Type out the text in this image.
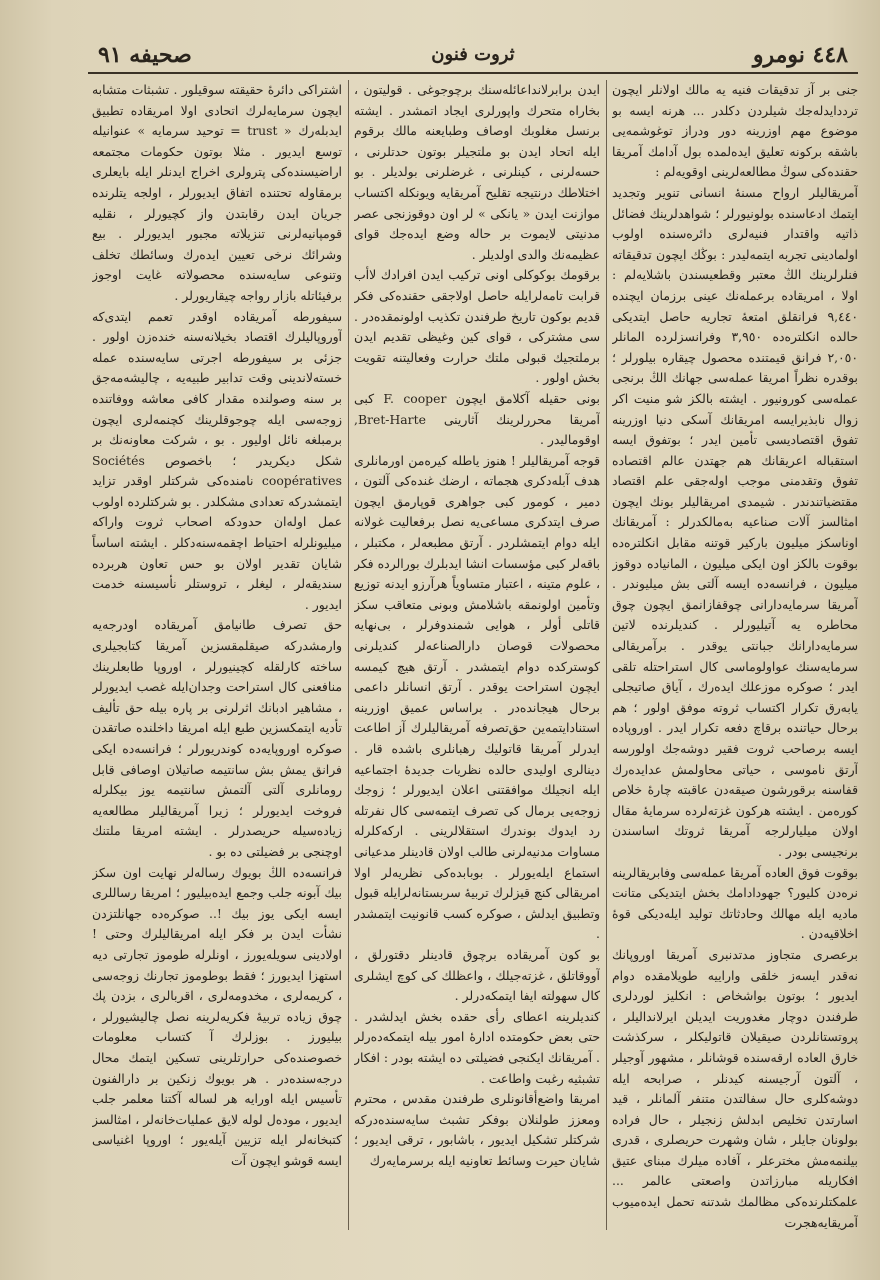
٤٤٨ نومرو
ثروت فنون
صحيفه ٩١

جنى بر آز تدقيقات فنيه يه مالك اولانلر ايچون ترددايدلەجك شيلردن دكلدر ... هرنه ايسه بو موضوع مهم اوزرينه دور ودراز توغوشمەيى باشقه بركونه تعليق ايدەلمدە بول آدامك آمريقا حقندەكى سوڭ مطالعەلرينى اوقويەلم :

آمريقاليلر ارواح مسنهٔ انسانى تنوير وتجديد ايتمك ادعاسنده بولونيورلر ؛ شواهدلرينك فضائل ذاتيه واقتدار فنيەلرى دائرەسنده اولوب اولمادينى تجربه ايتمەليدر : بوڭك ايچون تدقيقاته فنلرلرينك الڭ معتبر وقطعيسندن باشلايەلم : اولا ، امريقاده برعملەنك عينى برزمان ايچنده ٩,٤٤٠ فرانقلق امتعهٔ تجاريه حاصل ايتديكى حالده انكلترەده ٣,٩٥٠ وفرانسزلرده المانلر ٢,٠٥٠ فرانق قيمتنده محصول چيقاره بيلورلر ؛ بوقدره نظراً امريقا عملەسى جهانك الڭ برنجى عملەسى كورونيور . ايشته بالكز شو منيت اكر زوال نابذيرايسه امريقانك آسكى دنيا اوزرينه تفوق اقتصاديسى تأمين ايدر ؛ بوتفوق ايسه استقباله اعريقانك هم جهتدن عالم اقتصاده تفوق وتقدمنى موجب اولەجقى علم اقتصاد مقتضياتندندر . شيمدى امريقاليلر بونك ايچون امثالسز آلات صناعيه بەمالكدرلر : آمريقانك اوناسكز ميليون باركير قوتنه مقابل انكلترەده بوقوت بالكز اون ايكى ميليون ، المانيادە دوقوز ميليون ، فرانسەده ايسه آلتى بش ميليوندر . آمريقا سرمايەدارانى چوقفازانمق ايچون چوق محاطره يه آتيليورلر . كنديلرنده لاتين سرمايەدارانك جبانتى يوقدر . برآمريقالى سرمايەسنك عواولوماسى كال استراحتله تلقى ايدر ؛ صوكره موزعلك ايدەرك ، آياق صاتيجلى يابەرق تكرار اكتساب ثروته موفق اولور ؛ هم برحال حياتنده برقاچ دفعه تكرار ايدر . اوروپاده ايسه برصاحب ثروت فقير دوشەجك اولورسه آرتق ناموسى ، حياتى محاولمش عدايدەرك قفاسنه برقورشون صيقەدن عاقبته چارۀ خلاص كوره‌من . ايشته هركون غزتەلرده سرمايهٔ مقال اولان ميليارلرجه آمريقا ثروتك اساسندن برنجيسى بودر .

بوقوت فوق العاده آمريقا عملەسى وفابريقالرينه نره‌دن كليور؟ جهودادامك بخش ايتديكى متانت ماديه ايله مهالك وحادثاتك توليد ايله‌ديكى قوهٔ اخلاقيەدن .

برعصرى متجاوز مدتدنبرى آمريقا اوروپانك نه‌قدر ايسه‌ز خلقى واراييه طويلامقده دوام ايديور ؛ بوتون بواشخاص : انكليز لوردلرى طرفندن دوچار مغدوريت ايديلن ايرلانداليلر ، پروتستانلردن صيقيلان قاتوليكلر ، سركذشت خارق العاده ارقەسنده قوشانلر ، مشهور آوجيلر ، آلتون آرجيسنه كيدنلر ، صرابحه ايله دوشەكلرى حال سفالتدن متنفر آلمانلر ، قيد اسارتدن تخليص ابدلش زنجيلر ، حال فراده بولونان جايلر ، شان وشهرت حريصلرى ، قدرى بيلنمەمش مخترعلر ، آفاده ميلرك مبناى عتيق افكاريله مبارزاتدن واصعتى عالمر ... علمكتلرنده‌كى مظالمك شدتنه تحمل ايده‌ميوب آمريقايه‌هجرت

ايدن برابرلانداعائلەسنك برچوجوغى . قوليتون ، بخاراه متحرك واپورلرى ايجاد اتمشدر . ايشته برنسل مغلوبك اوصاف وطبايعنه مالك برقوم ايله اتحاد ايدن بو ملتجيلر بوتون حدتلرنى ، حسەلرنى ، كينلرنى ، غرضلرنى بولديلر . بو اختلاطك درنتيجه تقليح آمريقايه‌ ويونكله اكتساب موازنت ايدن « يانكى » لر اون دوقوزنجى عصر مدنيتى لايموت بر حاله وضع ايدەجك قواى عظيمەنك والدى اولديلر .

برقومك بوكوكلى اونى تركيب ايدن افرادك لاأب قرابت تامەلرايله حاصل اولاجقى حقندەكى فكر قديم بوكون تاريخ طرفندن تكذيب اولونمقدەدر . سى مشتركى ، قواى كين وغيظى تقديم ايدن برملتجيك قبولى ملتك حرارت وفعاليتنه تقويت بخش اولور .

بونى حقيله آكلامق ايچون F. cooper كبى آمريقا محررلرينك آثارينى Bret-Harte, اوقوماليدر .

قوجه آمريقاليلر ! هنوز ياطله كيره‌من اورمانلرى هدف آبله‌دكرى هجماته ، ارضك غنده‌كى آلتون ، دمير ، كومور كبى جواهرى قوپارمق ايچون صرف ايتدكرى مساعى‌يه نصل برفعاليت غولانه ايله دوام ايتمشلردر . آرتق مطبعەلر ، مكتبلر ، باقەلر كبى مؤسسات انشا ايدبلرك بورالرده فكر ، علوم متينه ، اعتبار متساوياً هرآرزو ايدنه توزيع وتأمين اولونمقه باشلامش وبونى متعاقب سكز قاتلى أولر ، هوايى شمندوفرلر ، بى‌نهايه محصولات قوصان دارالصناعەلر كنديلرنى كوستركده دوام ايتمشدر . آرتق هيچ كيمسه ايچون استراحت يوقدر . آرتق انسانلر داعمى برحال هيجانده‌در . براساس عميق اوزرينه استنادايتمە‌ين حق‌تصرفه آمريقاليلرك آز اطاعت ايدرلر آمريقا قاتوليك رهبانلرى باشده قار . دينالرى اوليدى حالده نظريات جديدۀ اجتماعيه ايله انجيلك موافقتنى اعلان ايديورلر ؛ زوجك زوجەيى برمال كى تصرف ايتمەسى كال نفرتله رد ايدوك بوندرك استقلالرينى . اركەكلرله مساوات مدنيەلرنى طالب اولان قادينلر مدعيانى استماع ايله‌يورلر . بوبابدەكى نظريەلر اولا امريقالى كنچ قيزلرك تربيهٔ سربستانەلرايله قبول وتطبيق ايدلش ، صوكره كسب قانونيت ايتمشدر .

بو كون آمريقاده برچوق قادينلر دقتورلق ، آووقاتلق ، غزتەجيلك ، واعظلك كى كوچ ايشلرى كال سهولته ايفا ايتمكەدرلر .

كنديلرينه اعطاى رأى حقده بخش ايدلشدر . حتى بعض حكومتده ادارهٔ امور بيله ايتمكەدەرلر . آمريقانك ايكنجى فضيلتى ده ايشته بودر : افكار تشبثيه رغبت واطاعت .

امريقا واضع‌أقانونلرى طرفندن مقدس ، محترم ومعزز طولنلان بوفكر تشبث سايەسنده‌دركه شركتلر تشكيل ايديور ، باشابور ، ترقى ايديور ؛ شايان حيرت وسائط تعاونيه ايله برسرمايەرك

اشتراكى دائرهٔ حقيقته سوقيلور . تشبثات متشابه ايچون سرمايەلرك اتحادى اولا امريقاده تطبيق ايدبلەرك « trust = توحيد سرمايه » عنوانيله توسع ايديور . مثلا بوتون حكومات مجتمعه اراضيسنده‌كى پترولرى اخراج ايدنلر ايله بايعلرى برمقاوله تحتنده اتفاق ايديورلر ، اولجه يتلرنده جريان ايدن رقابتدن واز كچيورلر ، نقليه قومپانيەلرنى تنزيلاته مجبور ايديورلر . بيع وشرائك نرخى تعيين ايدەرك وسائطك تخلف وتنوعى سايەسنده محصولاته غايت اوجوز برفيئاتله بازار رواجه چيقاريورلر .

سيفورطه آمريقاده اوقدر تعمم ايتدى‌كه آوروپاليلرك اقتصاد بخيلانەسنه خنده‌زن اولور . جزئى بر سيفورطه اجرتى سايەسنده عمله خسته‌لاندينى وقت تدابير طبيەيه ، چاليشەمەجق بر سنه وصولنده مقدار كافى معاشه ووفاتنده زوجەسى ايله چوجوقلرينك كچنمەلرى ايچون برمبلغه نائل اوليور . بو ، شركت معاونەنك بر شكل ديكريدر ؛ باخصوص Sociétés coopératives نامندەكى شركتلر اوقدر تزايد ايتمشدركه تعدادى مشكلدر . بو شركتلرده اولوب عمل اوله‌ان حدودكه اصحاب ثروت واراكه ميليونلرله احتياط اچقمەسنەدكلر . ايشته اساساً شايان تقدير اولان بو حس تعاون هربرده سنديقەلر ، ليغلر ، تروستلر نأسيسنه خدمت ايديور .

حق تصرف طانيامق آمريقاده اودرجەيه وارمشدركه صيقلمقسزين آمريقا كتابجيلرى ساخته كارلقله كچينيورلر ، اوروپا طابعلرينك منافعنى كال استراحت وجدان‌ايله غصب ايديورلر ، مشاهير ادبانك اثرلرنى بر پاره بيله حق تأليف تأديه ايتمكسزين طبع ايله امريقا داخلنده صاتقدن صوكره اوروپايەده كوندريورلر ؛ فرانسەده ايكى فرانق يمش بش سانتيمه صاتيلان اوصافى قابل رومانلرى آلتى آلتمش سانتيمه يوز بيكلرله فروخت ايديورلر ؛ زيرا آمريقاليلر مطالعەيه زياده‌سيله حريصدرلر . ايشته امريقا ملتنك اوچنجى بر فضيلتى ده بو .

فرانسەده الڭ بويوك رساله‌لر نهايت اون سكز بيك آبونه جلب وجمع ايدەبيليور ؛ امريقا رساللرى ايسه ايكى يوز بيك !.. صوكره‌ده جهانلتزدن نشأت ايدن بر فكر ايله امريقاليلرك وحتى ! اولادينى سويله‌يورز ، اونلرله طوموز تجارتى ديه استهزا ايديورز ؛ فقط بوطوموز تجارنك زوجەسى ، كريمەلرى ، مخدومەلرى ، اقربالرى ، بزدن پك چوق زياده تربيهٔ فكريەلرينه نصل چاليشيورلر ، بيليورز . بوزلرك آ كتساب معلومات خصوصنده‌كى حرارتلرينى تسكين ايتمك محال درجەسنده‌در . هر بويوك زنكين بر دارالفنون تأسيس ايله اورايه هر لساله آكتنا معلمر جلب ايديور ، مودەل لوله لايق عمليات‌خانەلر ، امثالسز كتبخانەلر ايله تزيين آيله‌يور ؛ اوروپا اغنياسى ايسه قوشو ايچون آت
